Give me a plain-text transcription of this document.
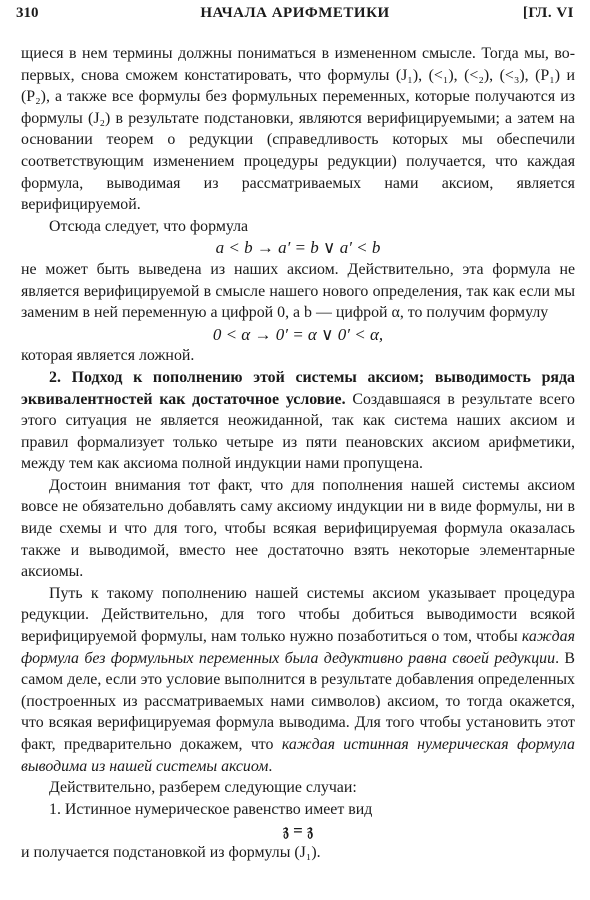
310	НАЧАЛА АРИФМЕТИКИ	[ГЛ. VI

щиеся в нем термины должны пониматься в измененном смысле. Тогда мы, во-первых, снова сможем констатировать, что формулы (J₁), (<₁), (<₂), (<₃), (P₁) и (P₂), а также все формулы без формульных переменных, которые получаются из формулы (J₂) в результате подстановки, являются верифицируемыми; а затем на основании теорем о редукции (справедливость которых мы обеспечили соответствующим изменением процедуры редукции) получается, что каждая формула, выводимая из рассматриваемых нами аксиом, является верифицируемой.

Отсюда следует, что формула

a < b → a′ = b ∨ a′ < b

не может быть выведена из наших аксиом. Действительно, эта формула не является верифицируемой в смысле нашего нового определения, так как если мы заменим в ней переменную a цифрой 0, а b — цифрой α, то получим формулу

0 < α → 0′ = α ∨ 0′ < α,

которая является ложной.

2. Подход к пополнению этой системы аксиом; выводимость ряда эквивалентностей как достаточное условие. Создавшаяся в результате всего этого ситуация не является неожиданной, так как система наших аксиом и правил формализует только четыре из пяти пеановских аксиом арифметики, между тем как аксиома полной индукции нами пропущена.

Достоин внимания тот факт, что для пополнения нашей системы аксиом вовсе не обязательно добавлять саму аксиому индукции ни в виде формулы, ни в виде схемы и что для того, чтобы всякая верифицируемая формула оказалась также и выводимой, вместо нее достаточно взять некоторые элементарные аксиомы.

Путь к такому пополнению нашей системы аксиом указывает процедура редукции. Действительно, для того чтобы добиться выводимости всякой верифицируемой формулы, нам только нужно позаботиться о том, чтобы каждая формула без формульных переменных была дедуктивно равна своей редукции. В самом деле, если это условие выполнится в результате добавления определенных (построенных из рассматриваемых нами символов) аксиом, то тогда окажется, что всякая верифицируемая формула выводима. Для того чтобы установить этот факт, предварительно докажем, что каждая истинная нумерическая формула выводима из нашей системы аксиом.

Действительно, разберем следующие случаи:

1. Истинное нумерическое равенство имеет вид

𝔷 = 𝔷

и получается подстановкой из формулы (J₁).
